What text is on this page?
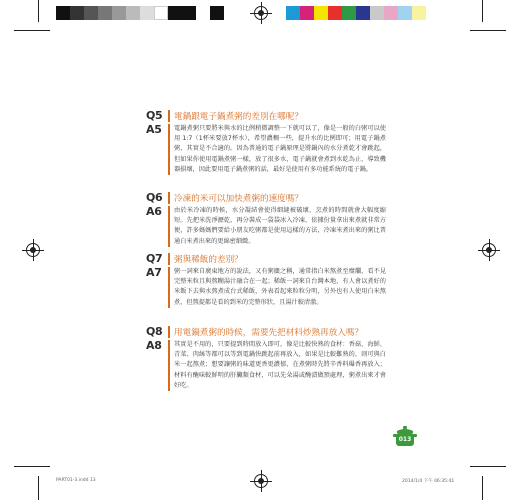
Q5	電鍋跟電子鍋煮粥的差別在哪呢？
A5	電鍋煮粥只要將米與水的比例稍微調整一下就可以了，像是一般的白粥可以使用 1:7（1杯米要放7杯水），希望濃稠一些，提升水的比例即可；用電子鍋煮粥，其實是不合適的。因為普通的電子鍋原理是將鍋內的水分煮乾才會跳起，但如果你使用電鍋煮粥一樣，放了很多水，電子鍋就會煮到水乾為止，導致機器損壞，因此要用電子鍋煮粥的話，最好是使用有多功能系統的電子鍋。
Q6	冷凍的米可以加快煮粥的速度嗎？
A6	由於米冷凍的時候，水分凝結會使得細縫被破壞，烹煮的時間就會大幅度縮短。先把米洗淨瀝乾，再分裝成一袋袋冰入冷凍，依據份量拿出來煮就非常方便，許多媽媽們要給小朋友吃粥都是使用這樣的方法，冷凍米煮出來的粥比普通白米煮出來的更綿密細緻。
Q7	粥與稀飯的差別？
A7	粥一詞來自廣東地方的說法，又有粥麋之稱，通常指白米熬煮至糜爛，看不見完整米粒且與熬糊湯汁融合在一起；稀飯一詞來自台灣本地，有人會以煮好的米飯下去與水熬煮成台式稀飯，外表看起來粒粒分明，另外也有人使用白米熬煮，但熬提都是看的到米的完整形狀，且湯汁較清澈。
Q8	用電鍋煮粥的時候，需要先把材料炒熟再放入嗎？
A8	其實是不用的，只要提到時間放入即可，像是比較快熟的食材：香菇、海鮮、青菜、肉絲等都可以等到電鍋快跳起前再放入，如果是比較難熟的，則可與白米一起熬煮；想要讓粥的味道更香更濃郁，在煮粥時先將辛香料爆香再放入；材料有醃味較鮮明的肝臟類食材，可以先朵湯或醃漬做預處理，粥煮出來才會好吃。
013
PART01-3.indd 13	2014/1/4 下午 06:35:41
